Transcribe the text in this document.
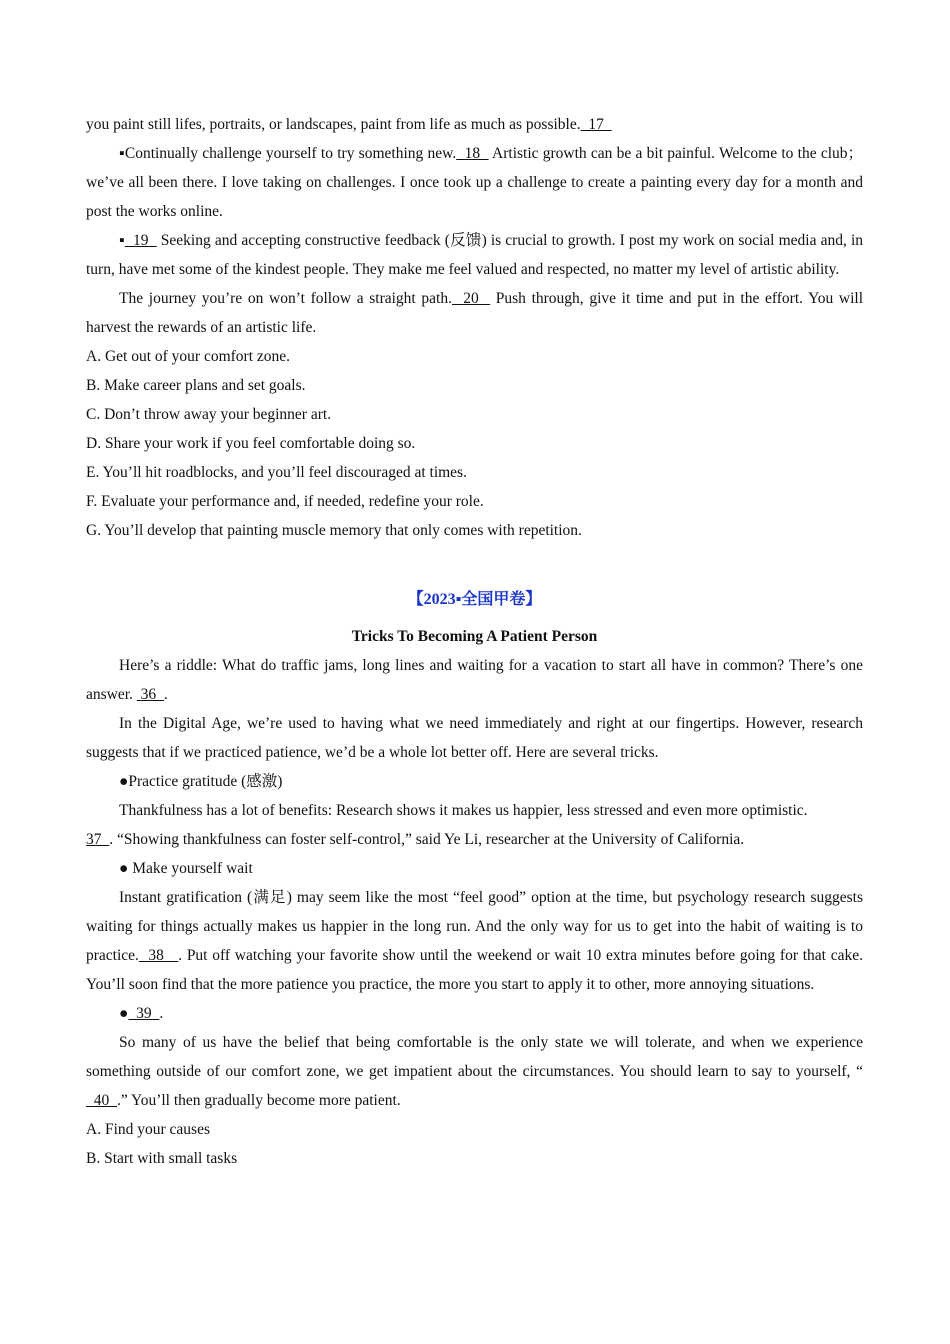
you paint still lifes, portraits, or landscapes, paint from life as much as possible.  17

▪Continually challenge yourself to try something new.  18   Artistic growth can be a bit painful. Welcome to the club；we’ve all been there. I love taking on challenges. I once took up a challenge to create a painting every day for a month and post the works online.

▪  19   Seeking and accepting constructive feedback (反馈) is crucial to growth. I post my work on social media and, in turn, have met some of the kindest people. They make me feel valued and respected, no matter my level of artistic ability.

The journey you’re on won’t follow a straight path.  20   Push through, give it time and put in the effort. You will harvest the rewards of an artistic life.

A. Get out of your comfort zone.

B. Make career plans and set goals.

C. Don’t throw away your beginner art.

D. Share your work if you feel comfortable doing so.

E. You’ll hit roadblocks, and you’ll feel discouraged at times.

F. Evaluate your performance and, if needed, redefine your role.

G. You’ll develop that painting muscle memory that only comes with repetition.

【2023▪全国甲卷】

Tricks To Becoming A Patient Person

Here’s a riddle: What do traffic jams, long lines and waiting for a vacation to start all have in common? There’s one answer.  36  .

In the Digital Age, we’re used to having what we need immediately and right at our fingertips. However, research suggests that if we practiced patience, we’d be a whole lot better off. Here are several tricks.

●Practice gratitude (感激)

Thankfulness has a lot of benefits: Research shows it makes us happier, less stressed and even more optimistic.

37  . “Showing thankfulness can foster self-control,” said Ye Li, researcher at the University of California.

● Make yourself wait

Instant gratification (满足) may seem like the most “feel good” option at the time, but psychology research suggests waiting for things actually makes us happier in the long run. And the only way for us to get into the habit of waiting is to practice.  38   . Put off watching your favorite show until the weekend or wait 10 extra minutes before going for that cake. You’ll soon find that the more patience you practice, the more you start to apply it to other, more annoying situations.

●  39  .

So many of us have the belief that being comfortable is the only state we will tolerate, and when we experience something outside of our comfort zone, we get impatient about the circumstances. You should learn to say to yourself, “  40  .” You’ll then gradually become more patient.

A. Find your causes

B. Start with small tasks
